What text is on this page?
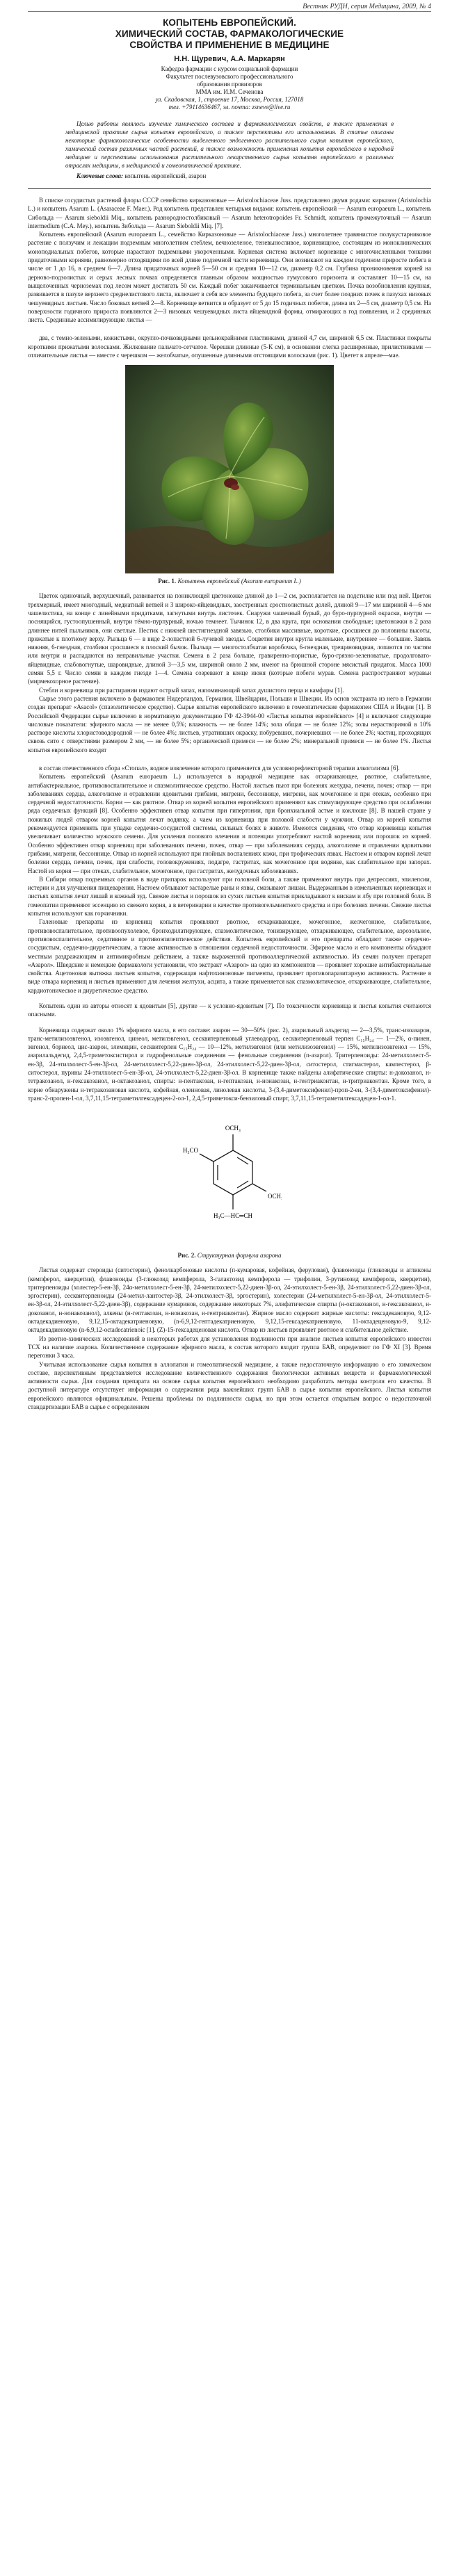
Вестник РУДН, серия Медицина, 2009, № 4
КОПЫТЕНЬ ЕВРОПЕЙСКИЙ.
ХИМИЧЕСКИЙ СОСТАВ, ФАРМАКОЛОГИЧЕСКИЕ
СВОЙСТВА И ПРИМЕНЕНИЕ В МЕДИЦИНЕ
Н.Н. Щуревич, А.А. Маркарян
Кафедра фармации с курсом социальной фармации
Факультет послевузовского профессионального
образования провизоров
ММА им. И.М. Сеченова
ул. Скадовская, 1, строение 17, Москва, Россия, 127018
тел. +79114636467, эл. почта: zsneve@live.ru
Целью работы являлось изучение химического состава и фармакологических свойств, а также применения в медицинской практике сырья копытня европейского, а также перспективы его использования. В статье описаны некоторые фармакологические особенности выделенного эндогенного растительного сырья копытня европейского, химический состав различных частей растений, а также возможность применения копытня европейского в народной медицине и перспективы использования растительного лекарственного сырья копытня европейского в различных отраслях медицины, в медицинской и гомеопатической практике.
Ключевые слова: копытень европейский, азарон

В списке сосудистых растений флоры СССР семейство кирказоновые — Aristolochiaceae Juss. представлено двумя родами: кирказон (Aristolochia L.) и копытень Asarum L. (Asaraceae F. Maer.). Род копытень представлен четырьмя видами: копытень европейский — Asarum europaeum L., копытень Сибольда — Asarum sieboldii Miq., копытень разнородностолбиковый — Asarum heterotropoides Fr. Schmidt, копытень промежуточный — Asarum intermedium (C.A. Mey.), копытень Зибольда — Asarum Sieboldii Miq. [7].

Копытень европейский (Asarum europaeum L., семейство Кирказоновые — Aristolochiaceae Juss.) многолетнее травянистое полукустарниковое растение с ползучим и лежащим подземным многолетним стеблем, вечнозеленое, теневыносливое, корневищное, состоящим из моноклинических моноподиальных побегов, которые нарастают подземными укороченными. Корневая система включает корневище с многочисленными тонкими придаточными корнями, равномерно отходящими по всей длине подземной части корневища. Они возникают на каждом годичном приросте побега в числе от 1 до 16, в среднем 6—7. Длина придаточных корней 5—50 см и средняя 10—12 см, диаметр 0,2 см. Глубина проникновения корней на дерново-подзолистых и серых лесных почвах определяется главным образом мощностью гумусового горизонта и составляет 10—15 см, на выщелоченных черноземах под лесом может достигать 50 см. Каждый побег заканчивается терминальным цветком. Почка возобновления крупная, развивается в пазухе верхнего среднелистового листа, включает в себя все элементы будущего побега, за счет более поздних почек в пазухах низовых чешуевидных листьев. Число боковых ветвей 2—8. Корневище ветвится и образует от 5 до 15 годичных побегов, длина их 2—5 см, диаметр 0,5 см. На поверхности годичного прироста появляются 2—3 низовых чешуевидных листа яйцевидной формы, отмирающих в год появления, и 2 срединных листа. Срединные ассимилирующие листья —

два, с темно-зелеными, кожистыми, округло-почковидными цельнокрайними пластинками, длиной 4,7 см, шириной 6,5 см. Пластинки покрыты короткими прижатыми волосками. Жилкование пальчато-сетчатое. Черешки длинные (5-К см), в основании слегка расширенные, прилистниками — отличительные листья — вместе с черешком — желобчатые, опушенные длинными отстоящими волосками (рис. 1). Цветет в апреле—мае.

Рис. 1. Копытень европейский (Asarum europaeum L.)

Цветок одиночный, верхушечный, развивается на пониклющей цветоножке длиной до 1—2 см, располагается на подстилке или под ней. Цветок трехмерный, имеет многодный, медиатный ветвей и 3 широко-яйцевидных, заостренных сростнолистных долей, длиной 9—17 мм шириной 4—6 мм чашелистика, на конце с линейными придатками, загнутыми внутрь листочек. Снаружи чашечный бурый, до буро-пурпурной окраски, внутри — лоснящийся, густоопушенный, внутри тёмно-пурпурный, ночью темнеет. Тычинок 12, в два круга, при основании свободные; цветоножки в 2 раза длиннее нитей пыльников, они светлые. Пестик с нижней шестигнездной завязью, столбики массивные, короткие, сросшиеся до половины высоты, прижатые к плотному верху. Рыльца 6 — в виде 2-лопастной 6-лучевой звезды. Соцветия внутри кругла маленькие, внутреннее — большие. Завязь нижняя, 6-гнездная, столбики сросшиеся в плоский бычок. Пыльца — многостолбчатая коробочка, 6-гнездная, трещиновидная, лопаются по частям или внутри и распадаются на неправильные участки. Семена в 2 раза больше, гравиренно-пористые, буро-грязно-зеленоватые, продолговато-яйцевидные, слабовогнутые, шаровидные, длиной 3—3,5 мм, шириной около 2 мм, имеют на брюшной стороне мясистый придаток. Масса 1000 семян 5,5 г. Число семян в каждом гнезде 1—4. Семена созревают в конце июня (которые побеги мурав. Семена распространяют муравьи (мирмекохорное растение).

Стебли и корневища при растирании издают острый запах, напоминающий запах душистого перца и камфары [1].

Сырье этого растения включено в фармакопеи Нидерландов, Германии, Швейцарии, Польши и Швеции. Из основ экстракта из него в Германии создан препарат «Asacol» (спазолитическое средство). Сырье копытня европейского включено в гомеопатические фармакопеи США и Индии [1]. В Российской Федерации сырье включено в нормативную документацию ГФ 42-3944-00 «Листья копытня европейского» [4] и включают следующие числовые показатели: эфирного масла — не менее 0,5%; влажность — не более 14%; зола общая — не более 12%; золы нерастворимой в 10% растворе кислоты хлористоводородной — не более 4%; листьев, утративших окраску, побуревших, почерневших — не более 2%; частиц, проходящих сквозь сито с отверстиями размером 2 мм, — не более 5%; органической примеси — не более 2%; минеральной примеси — не более 1%. Листья копытня европейского входят

в состав отечественного сбора «Стопал», водное извлечение которого применяется для условнорефлекторной терапии алкоголизма [6].

Копытень европейский (Asarum europaeum L.) используется в народной медицине как отхаркивающее, рвотное, слабительное, антибактериальное, противовоспалительное и спазмолитическое средство. Настой листьев пьют при болезнях желудка, печени, почек; отвар — при заболеваниях сердца, алкоголизме и отравлении ядовитыми грибами, мигрени, бессоннице, мигрени, как мочегонное и при отеках, особенно при сердечной недостаточности. Корни — как рвотное. Отвар из корней копытня европейского применяют как стимулирующее средство при ослаблении ряда сердечных функций [8]. Особенно эффективен отвар копытня при гипертонии, при бронхиальной астме и коклюше [8]. В нашей стране у пожилых людей отваром корней копытня лечат водянку, а чаем из корневища при половой слабости у мужчин. Отвар из корней копытня рекомендуется применять при упадке сердечно-сосудистой системы, сильных болях в животе. Имеются сведения, что отвар корневища копытня увеличивает количество мужского семени. Для усиления полового влечения и потенции употребляют настой корневищ или порошок из корней. Особенно эффективен отвар корневищ при заболеваниях печени, почек, отвар — при заболеваниях сердца, алкоголизме и отравлении ядовитыми грибами, мигрени, бессоннице. Отвар из корней используют при гнойных воспалениях кожи, при трофических язвах. Настоем и отваром корней лечат болезни сердца, печени, почек, при слабости, головокружениях, подагре, гастритах, как мочегонное при водянке, как слабительное при запорах. Настой из корня — при отеках, слабительное, мочегонное, при гастритах, желудочных заболеваниях.

В Сибири отвар подземных органов в виде припарок используют при головной боли, а также применяют внутрь при депрессиях, эпилепсии, истерии и для улучшения пищеварения. Настоем облывают застарелые раны и язвы, смазывают лишаи. Выдержанным в измельченных корневищах и листьях копытня лечат лишай и кожный зуд. Свежие листья и порошок из сухих листьев копытня прикладывают к вискам и лбу при головной боли. В гомеопатии применяют эссенцию из свежего корня, а в ветеринарии в качестве противогельминтного средства и при болезнях печени. Свежие листья копытня используют как горчичники.

Галеновые препараты из корневищ копытня проявляют рвотное, отхаркивающее, мочегонное, желчегонное, слабительное, противовоспалительное, противоопухолевое, бронходилатирующее, спазмолитическое, тонизирующее, отхаркивающее, слабительное, аэрозольное, противовоспалительное, седативное и противоэпилептическое действия. Копытень европейский и его препараты обладают также сердечно-сосудистым, сердечно-диуретическим, а также активностью в отношении сердечной недостаточности. Эфирное масло и его компоненты обладают местным раздражающим и антимикробным действием, а также выраженной противоаллергической активностью. Из семян получен препарат «Азарол». Шведские и немецкие фармакологи установили, что экстракт «Азарол» на одно из компонентов — проявляет хорошие антибактериальные свойства. Ацетоновая вытяжка листьев копытня, содержащая нафтохиноновые пигменты, проявляет противопаразитарную активность. Растение в виде отвара корневищ и листьев применяют для лечения желтухи, асцита, а также применяется как спазмолитическое, отхаркивающее, слабительное, кардиотоническое и диуретическое средство.

Копытень один из авторы относят к ядовитым [5], другие — к условно-ядовитым [7]. По токсичности корневища и листья копытня считаются опасными.

Корневища содержат около 1% эфирного масла, в его составе: азарон — 30—50% (рис. 2), азарильный альдегид — 2—3,5%, транс-изоазарон, транс-метилизоэвгенол, изоэвгенол, цинеол, метилэвгенол, сесквитерпеновый углеводород, сесквитерпеновый терпен C₁₅H₂₄ — 1—2%, α-пинен, эвгенол, борнеол, цис-азарон, элемицин, сесквитерпен C₁₅H₂₄ — 10—12%, метилэвгенол (или метилизоэвгенол) — 15%, метилизоэвгенол — 15%, азарилальдегид, 2,4,5-триметоксистирол и гидрофенольные соединения — фенольные соединения (п-азарол). Тритерпеноиды: 24-метилхолест-5-ен-3β, 24-этилхолест-5-ен-3β-ол, 24-метилхолест-5,22-диен-3β-ол, 24-этилхолест-5,22-диен-3β-ол, ситостерол, стигмастерол, кампестерол, β-ситостерол, пурины 24-этилхолест-5-ен-3β-ол, 24-этилхолест-5,22-диен-3β-ол. В корневище также найдены алифатические спирты: н-докозанол, н-тетракозанол, н-гексакозанол, н-октакозанол, спирты: н-пентакозан, н-гептакозан, н-нонакозан, н-гентриаконтан, н-тритриаконтан. Кроме того, в корне обнаружены н-тетракозановая кислота, кофейная, олеиновая, линолевая кислоты, 3-(3,4-диметоксифенил)-проп-2-ен, 3-(3,4-диметоксифенил)-транс-2-пропен-1-ол, 3,7,11,15-тетраметилгексадецен-2-ол-1, 2,4,5-триметокси-бензиловый спирт, 3,7,11,15-тетраметилгексадецен-1-ол-1.

OCH₃
OCH₃
H₃CO
H₃C—HC═CH
Рис. 2. Структурная формула азарона

Листья содержат стероиды (ситостерин), фенолкарбоновые кислоты (п-кумаровая, кофейная, феруловая), флавоноиды (гликозиды и агликоны (кемпферол, кверцетин), флавоноиды (3-глюкозид кемпферола, 3-галактозид кемпферола — трифолин, 3-рутинозид кемпферола, кверцетин), тритерпеноиды (холестер-5-ен-3β, 24α-метилхолест-5-ен-3β, 24-метилхолест-5,22-диен-3β-ол, 24-этилхолест-5-ен-3β, 24-этилхолест-5,22-диен-3β-ол, эргостерин), сесквитерпеноиды (24-метил-лантостер-3β, 24-этилхолест-3β, эргостерин), холестерин (24-метилхолест-5-ен-3β-ол, 24-этилхолест-5-ен-3β-ол, 24-этилхолест-5,22-диен-3β), содержание кумаринов, содержание некоторых 7%, алифатические спирты (н-октакозанол, н-гексакозанол, н-докозанол, н-нонакозанол), алкены (н-гептакозан, н-нонакозан, н-гентриаконтан). Жирное масло содержит жирные кислоты: гексадекановую, 9,12-октадекадиеновую, 9,12,15-октадекатриеновую, (n-6,9,12-гептадекатриеновую, 9,12,15-гексадекатриеновую, 11-октадеценовую-9, 9,12-октадекадиеновую (n-6,9,12-octadecatrienoic [1]. (Z)-15-гексадеценовая кислота. Отвар из листьев проявляет рвотное и слабительное действие.

Из рвотно-химических исследований в некоторых работах для установления подлинности при анализе листьев копытня европейского известен ТСХ на наличие азарона. Количественное содержание эфирного масла, в состав которого входит группа БАВ, определяют по ГФ XI [3]. Время перегонки 3 часа.

Учитывая использование сырья копытня в аллопатии и гомеопатической медицине, а также недостаточную информацию о его химическом составе, перспективным представляется исследование количественного содержания биологически активных веществ и фармакологической активности сырья. Для создания препарата на основе сырья копытня европейского необходимо разработать методы контроля его качества. В доступной литературе отсутствует информация о содержании ряда важнейших групп БАВ в сырье копытня европейского. Листья копытня европейского являются официнальным. Решены проблемы по подлинности сырья, но при этом остается открытым вопрос о недостаточной стандартизации БАВ в сырье с определением
